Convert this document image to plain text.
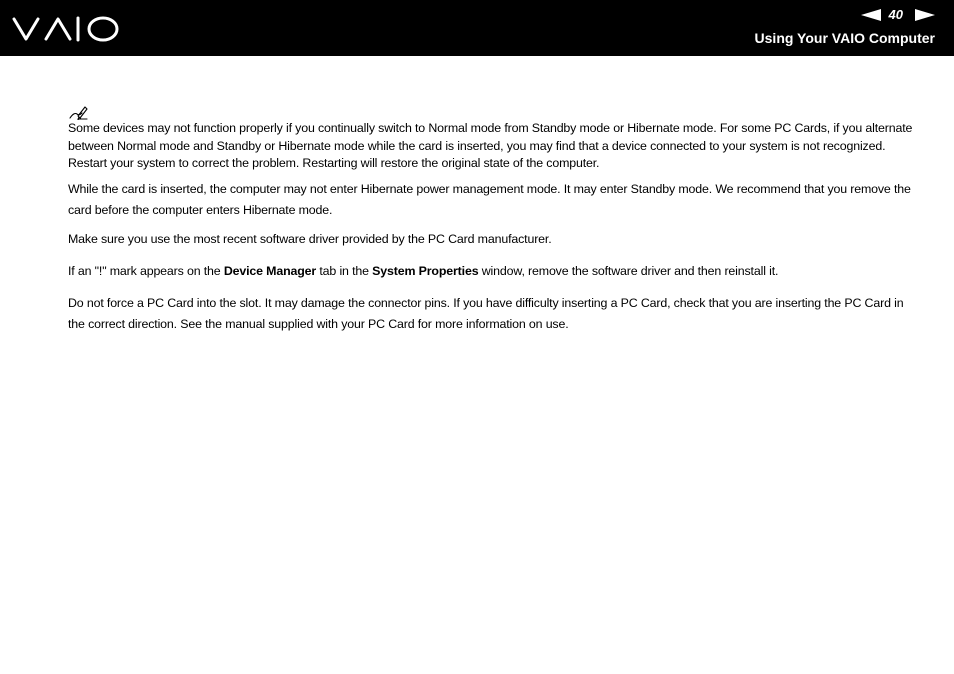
40
Using Your VAIO Computer

Some devices may not function properly if you continually switch to Normal mode from Standby mode or Hibernate mode. For some PC Cards, if you alternate between Normal mode and Standby or Hibernate mode while the card is inserted, you may find that a device connected to your system is not recognized. Restart your system to correct the problem. Restarting will restore the original state of the computer.

While the card is inserted, the computer may not enter Hibernate power management mode. It may enter Standby mode. We recommend that you remove the card before the computer enters Hibernate mode.

Make sure you use the most recent software driver provided by the PC Card manufacturer.

If an "!" mark appears on the Device Manager tab in the System Properties window, remove the software driver and then reinstall it.

Do not force a PC Card into the slot. It may damage the connector pins. If you have difficulty inserting a PC Card, check that you are inserting the PC Card in the correct direction. See the manual supplied with your PC Card for more information on use.
